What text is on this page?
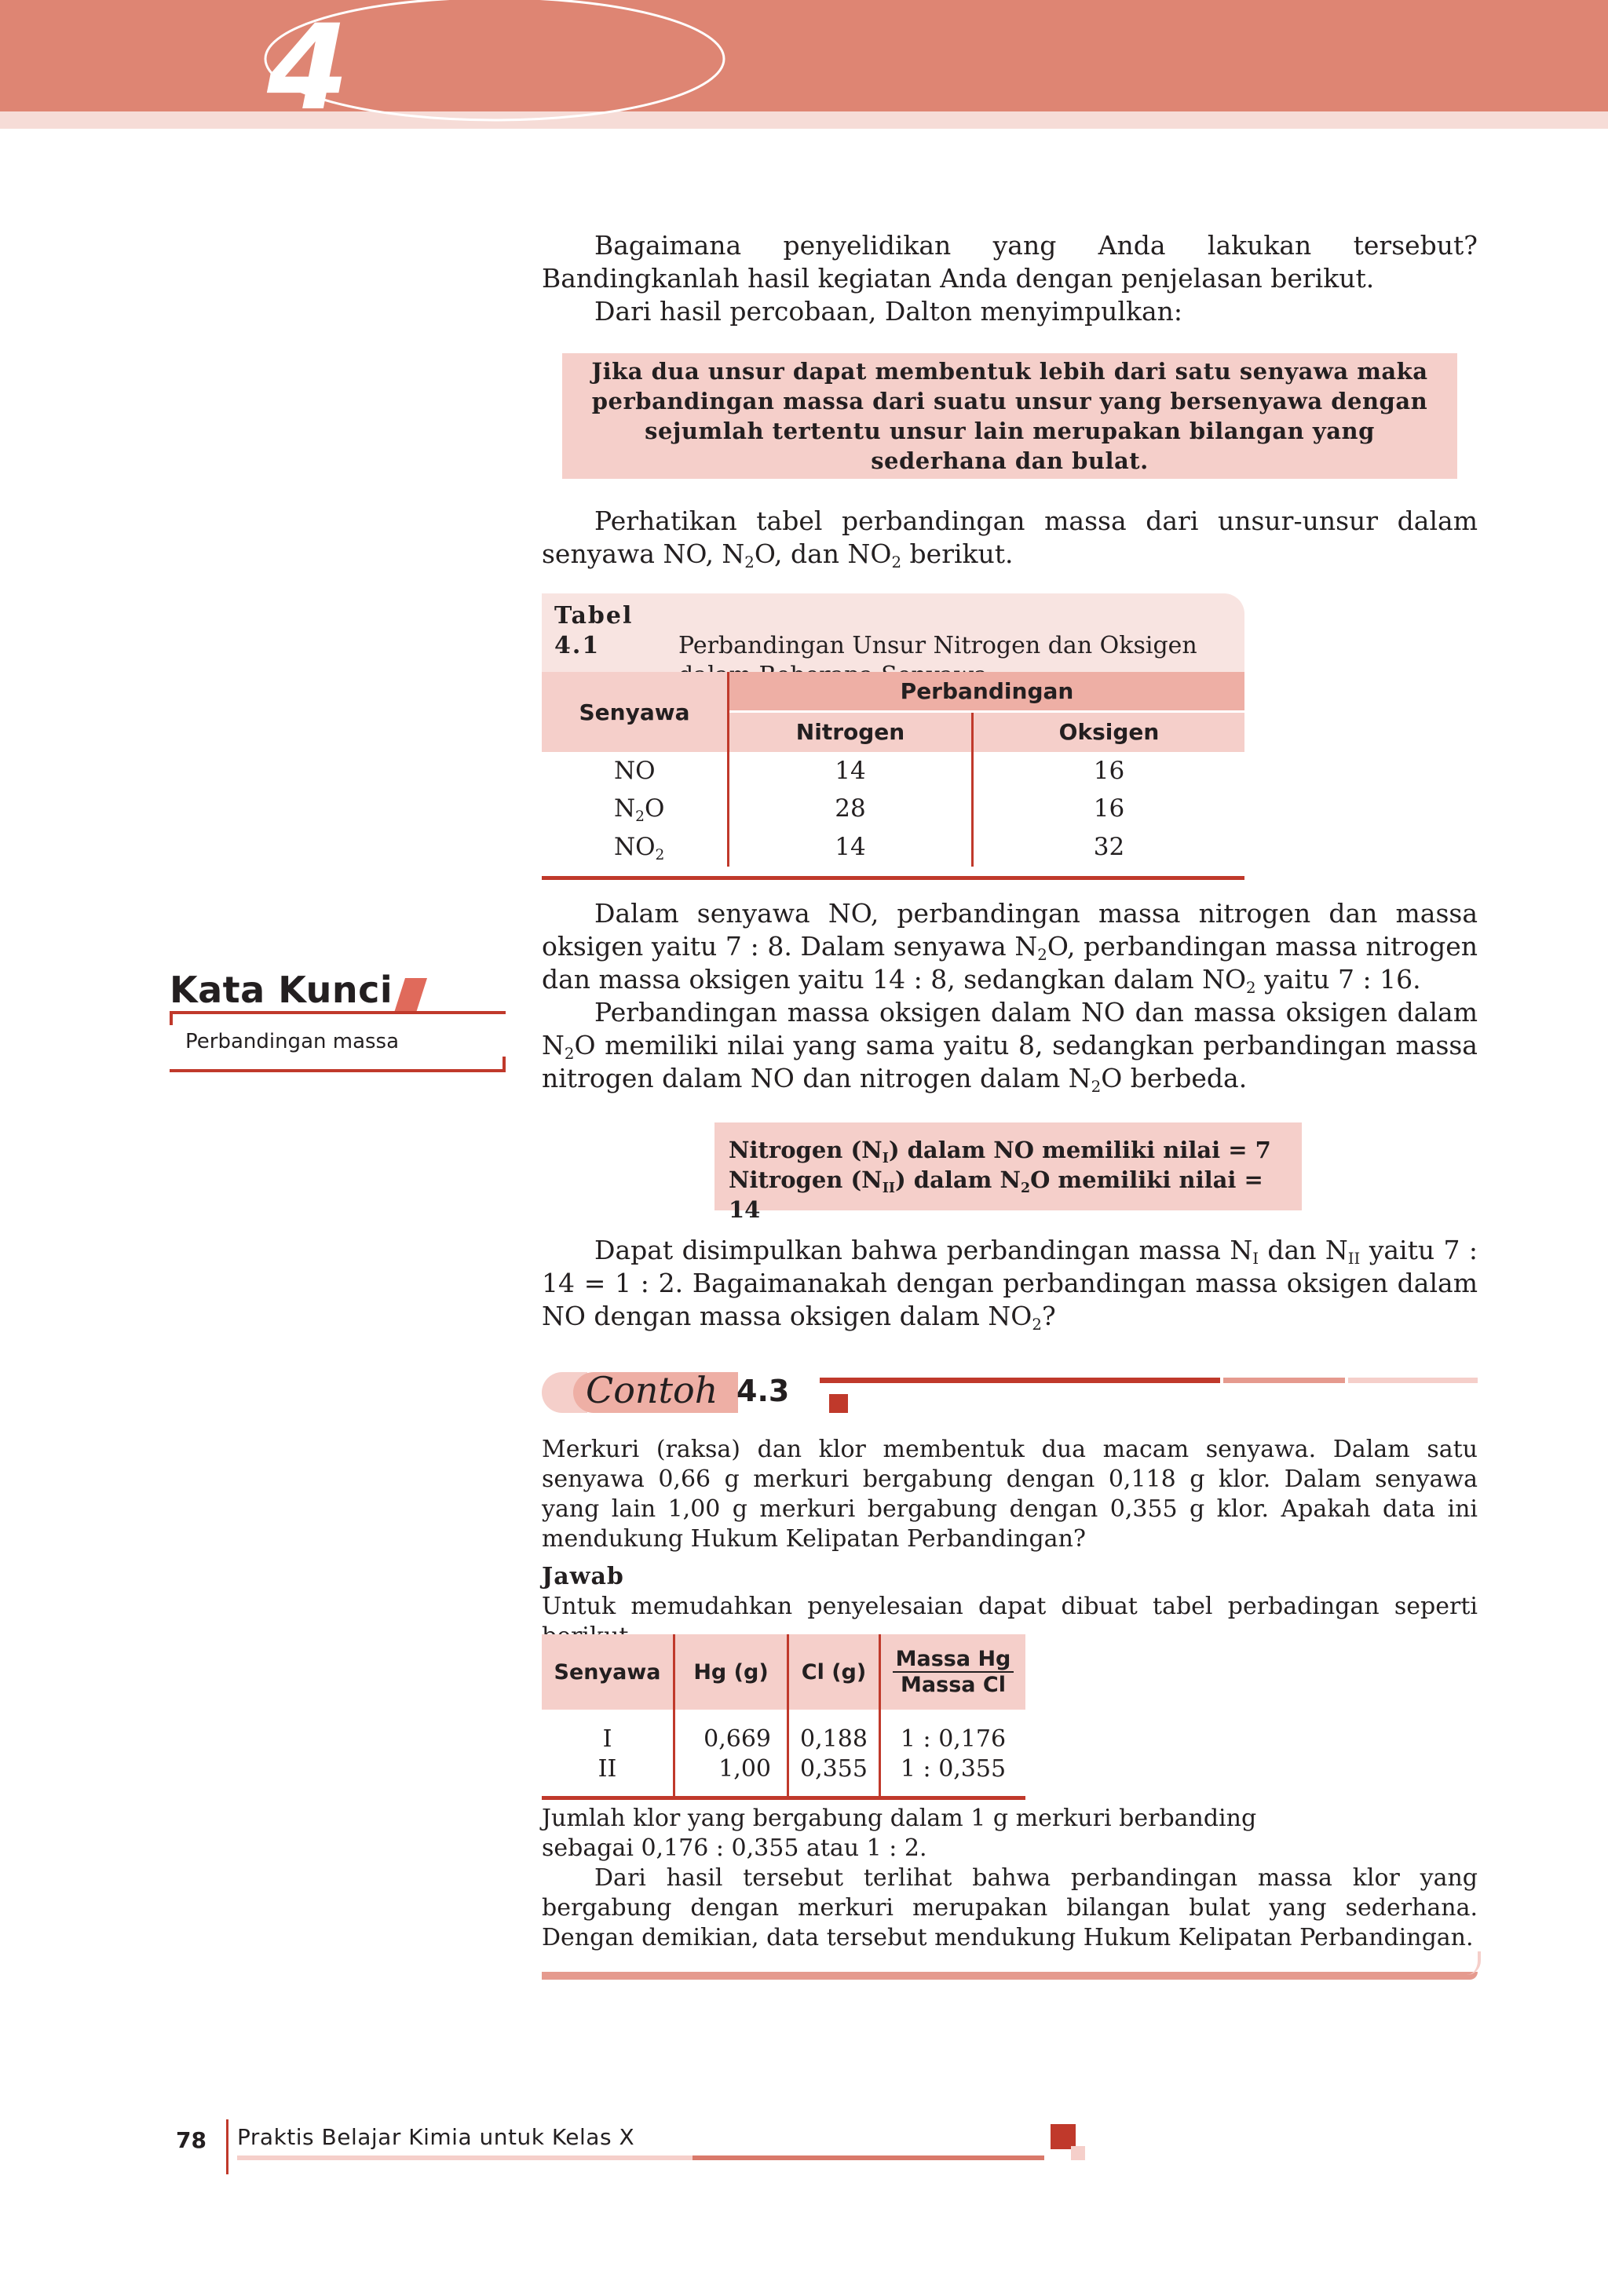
4
Bagaimana penyelidikan yang Anda lakukan tersebut? Bandingkanlah hasil kegiatan Anda dengan penjelasan berikut.
Dari hasil percobaan, Dalton menyimpulkan:
Jika dua unsur dapat membentuk lebih dari satu senyawa maka perbandingan massa dari suatu unsur yang bersenyawa dengan sejumlah tertentu unsur lain merupakan bilangan yang sederhana dan bulat.
Perhatikan tabel perbandingan massa dari unsur-unsur dalam senyawa NO, $N_2O$, dan $NO_2$ berikut.
Tabel 4.1	Perbandingan Unsur Nitrogen dan Oksigen

Senyawa	Perbandingan	
	Nitrogen	Oksigen
NO	14	16
$N_2O$	28	16
$NO_2$	14	32
Dalam senyawa NO, perbandingan massa nitrogen dan massa oksigen yaitu 7 : 8. Dalam senyawa $N_2O$, perbandingan massa nitrogen dan massa oksigen yaitu 14 : 8, sedangkan dalam $NO_2$ yaitu 7 : 16.
Perbandingan massa oksigen dalam NO dan massa oksigen dalam $N_2O$ memiliki nilai yang sama yaitu 8, sedangkan perbandingan massa nitrogen dalam NO dan nitrogen dalam $N_2O$ berbeda.
Kata Kunci
Perbandingan massa
Nitrogen $(N_I)$ dalam NO memiliki nilai = 7
Nitrogen $(N_{II})$ dalam $N_2O$ memiliki nilai = 14
Dapat disimpulkan bahwa perbandingan massa $N_I$ dan $N_{II}$ yaitu 7 : 14 = 1 : 2. Bagaimanakah dengan perbandingan massa oksigen dalam NO dengan massa oksigen dalam $NO_2$?
Contoh 4.3
Merkuri (raksa) dan klor membentuk dua macam senyawa. Dalam satu senyawa 0,66 g merkuri bergabung dengan 0,118 g klor. Dalam senyawa yang lain 1,00 g merkuri bergabung dengan 0,355 g klor. Apakah data ini mendukung Hukum Kelipatan Perbandingan?
Jawab
Untuk memudahkan penyelesaian dapat dibuat tabel perbadingan seperti berikut.
Senyawa	Hg (g)	Cl (g)	Massa Hg
Massa Cl

I	0,669	0,188	1 : 0,176
II	1,00	0,355	1 : 0,355

Jumlah klor yang bergabung dalam 1 g merkuri berbanding sebagai 0,176 : 0,355 atau 1 : 2.
Dari hasil tersebut terlihat bahwa perbandingan massa klor yang bergabung dengan merkuri merupakan bilangan bulat yang sederhana. Dengan demikian, data tersebut mendukung Hukum Kelipatan Perbandingan.
78 Praktis Belajar Kimia untuk Kelas X
